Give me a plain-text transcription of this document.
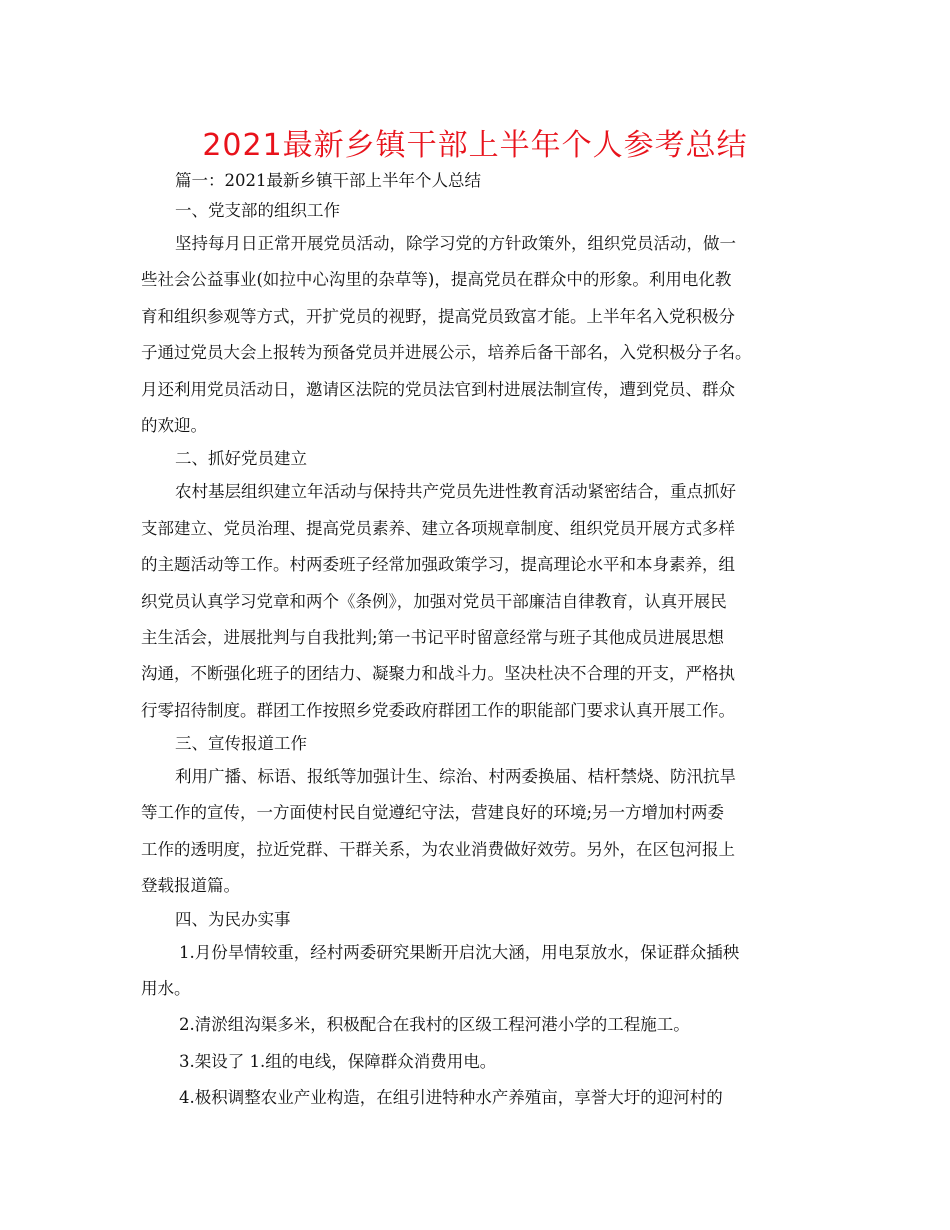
2021最新乡镇干部上半年个人参考总结
篇一：2021最新乡镇干部上半年个人总结
一、党支部的组织工作
坚持每月日正常开展党员活动，除学习党的方针政策外，组织党员活动，做一
些社会公益事业(如拉中心沟里的杂草等)，提高党员在群众中的形象。利用电化教
育和组织参观等方式，开扩党员的视野，提高党员致富才能。上半年名入党积极分
子通过党员大会上报转为预备党员并进展公示，培养后备干部名，入党积极分子名。
月还利用党员活动日，邀请区法院的党员法官到村进展法制宣传，遭到党员、群众
的欢迎。
二、抓好党员建立
农村基层组织建立年活动与保持共产党员先进性教育活动紧密结合，重点抓好
支部建立、党员治理、提高党员素养、建立各项规章制度、组织党员开展方式多样
的主题活动等工作。村两委班子经常加强政策学习，提高理论水平和本身素养，组
织党员认真学习党章和两个《条例》，加强对党员干部廉洁自律教育，认真开展民
主生活会，进展批判与自我批判;第一书记平时留意经常与班子其他成员进展思想
沟通，不断强化班子的团结力、凝聚力和战斗力。坚决杜决不合理的开支，严格执
行零招待制度。群团工作按照乡党委政府群团工作的职能部门要求认真开展工作。
三、宣传报道工作
利用广播、标语、报纸等加强计生、综治、村两委换届、桔杆禁烧、防汛抗旱
等工作的宣传，一方面使村民自觉遵纪守法，营建良好的环境;另一方增加村两委
工作的透明度，拉近党群、干群关系，为农业消费做好效劳。另外，在区包河报上
登载报道篇。
四、为民办实事
1.月份旱情较重，经村两委研究果断开启沈大涵，用电泵放水，保证群众插秧
用水。
2.清淤组沟渠多米，积极配合在我村的区级工程河港小学的工程施工。
3.架设了 1.组的电线，保障群众消费用电。
4.极积调整农业产业构造，在组引进特种水产养殖亩，享誉大圩的迎河村的
